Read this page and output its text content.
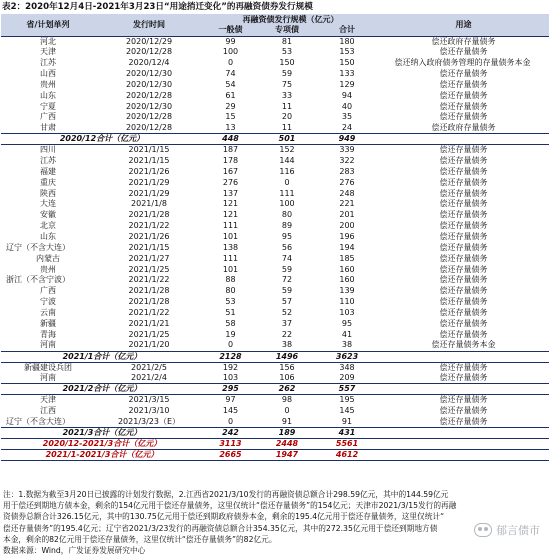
表2：2020年12月4日-2021年3月23日“用途捎迁变化”的再融资债券发行规模
省/计划单列	发行时间	再融资债发行规模（亿元）			用途
		一般债	专项债	合计	
河北	2020/12/29	99	81	180	偿还政府存量债务
天津	2020/12/28	100	53	153	偿还存量债务
江苏	2020/12/4	0	150	150	偿还纳入政府债务管理的存量债务本金
山西	2020/12/30	74	59	133	偿还存量债务
贵州	2020/12/30	54	75	129	偿还存量债务
山东	2020/12/28	61	33	94	偿还存量债务
宁夏	2020/12/30	29	11	40	偿还存量债务
广西	2020/12/28	15	20	35	偿还存量债务
甘肃	2020/12/28	13	11	24	偿还政府存量债务
2020/12合计（亿元）		448	501	949	
四川	2021/1/15	187	152	339	偿还存量债务
江苏	2021/1/15	178	144	322	偿还存量债务
福建	2021/1/26	167	116	283	偿还存量债务
重庆	2021/1/29	276	0	276	偿还存量债务
陕西	2021/1/29	137	111	248	偿还存量债务
大连	2021/1/8	121	100	221	偿还存量债务
安徽	2021/1/28	121	80	201	偿还存量债务
北京	2021/1/22	111	89	200	偿还存量债务
山东	2021/1/26	101	95	196	偿还存量债务
辽宁（不含大连）	2021/1/15	138	56	194	偿还存量债务
内蒙古	2021/1/27	111	74	185	偿还存量债务
贵州	2021/1/25	101	59	160	偿还存量债务
浙江（不含宁波）	2021/1/22	88	72	160	偿还存量债务
广西	2021/1/28	80	59	139	偿还存量债务
宁波	2021/1/28	53	57	110	偿还存量债务
云南	2021/1/22	51	52	103	偿还存量债务
新疆	2021/1/21	58	37	95	偿还存量债务
青海	2021/1/25	19	22	41	偿还存量债务
河南	2021/1/20	0	38	38	偿还存量债务本金
2021/1合计（亿元）		2128	1496	3623	
新疆建设兵团	2021/2/5	192	156	348	偿还存量债务
河南	2021/2/4	103	106	209	偿还存量债务
2021/2合计（亿元）		295	262	557	
天津	2021/3/15	97	98	195	偿还存量债务
江西	2021/3/10	145	0	145	偿还存量债务
辽宁（不含大连）	2021/3/23（E）	0	91	91	偿还存量债务
2021/3合计（亿元）		242	189	431	
2020/12-2021/3合计（亿元）		3113	2448	5561	
2021/1-2021/3合计（亿元）		2665	1947	4612	
注：1.数据为截至3月20日已披露的计划发行数据，2.江西省2021/3/10发行的再融资债总额合计298.59亿元，其中的144.59亿元
用于偿还到期地方债本金，剩余的154亿元用于偿还存量债务，这里仅统计“偿还存量债务”的154亿元；天津市2021/3/15发行的再融
资债券总额合计326.15亿元，其中的130.75亿元用于偿还到期政府债券本金，剩余的195.4亿元用于偿还存量债务，这里仅统计“
偿还存量债务”的195.4亿元；辽宁省2021/3/23发行的再融资债总额合计354.35亿元，其中的272.35亿元用于偿还到期地方债
本金，剩余的82亿元用于偿还存量债务，这里仅统计“偿还存量债务”的82亿元。
数据来源：Wind，广发证券发展研究中心
郁言债市
